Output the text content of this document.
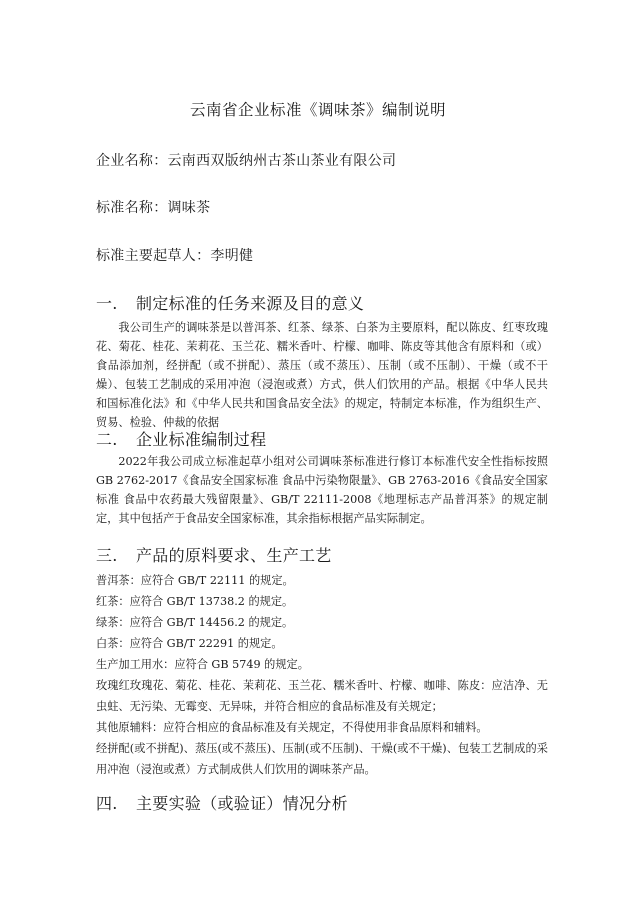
云南省企业标准《调味茶》编制说明
企业名称：云南西双版纳州古茶山茶业有限公司
标准名称：调味茶
标准主要起草人：李明健
一. 制定标准的任务来源及目的意义
我公司生产的调味茶是以普洱茶、红茶、绿茶、白茶为主要原料，配以陈皮、红枣玫瑰花、菊花、桂花、茉莉花、玉兰花、糯米香叶、柠檬、咖啡、陈皮等其他含有原料和（或）食品添加剂，经拼配（或不拼配）、蒸压（或不蒸压）、压制（或不压制）、干燥（或不干燥）、包装工艺制成的采用冲泡（浸泡或煮）方式，供人们饮用的产品。根据《中华人民共和国标准化法》和《中华人民共和国食品安全法》的规定，特制定本标准，作为组织生产、贸易、检验、仲裁的依据
二. 企业标准编制过程
2022年我公司成立标准起草小组对公司调味茶标准进行修订本标准代安全性指标按照GB 2762-2017《食品安全国家标准 食品中污染物限量》、GB 2763-2016《食品安全国家标准 食品中农药最大残留限量》、GB/T 22111-2008《地理标志产品普洱茶》的规定制定，其中包括产于食品安全国家标准，其余指标根据产品实际制定。
三. 产品的原料要求、生产工艺
普洱茶：应符合 GB/T 22111 的规定。
红茶：应符合 GB/T 13738.2 的规定。
绿茶：应符合 GB/T 14456.2 的规定。
白茶：应符合 GB/T 22291 的规定。
生产加工用水：应符合 GB 5749 的规定。
玫瑰红玫瑰花、菊花、桂花、茉莉花、玉兰花、糯米香叶、柠檬、咖啡、陈皮：应洁净、无虫蛀、无污染、无霉变、无异味，并符合相应的食品标准及有关规定；
其他原辅料：应符合相应的食品标准及有关规定，不得使用非食品原料和辅料。
经拼配(或不拼配)、蒸压(或不蒸压)、压制(或不压制)、干燥(或不干燥)、包装工艺制成的采用冲泡（浸泡或煮）方式制成供人们饮用的调味茶产品。
四. 主要实验（或验证）情况分析
